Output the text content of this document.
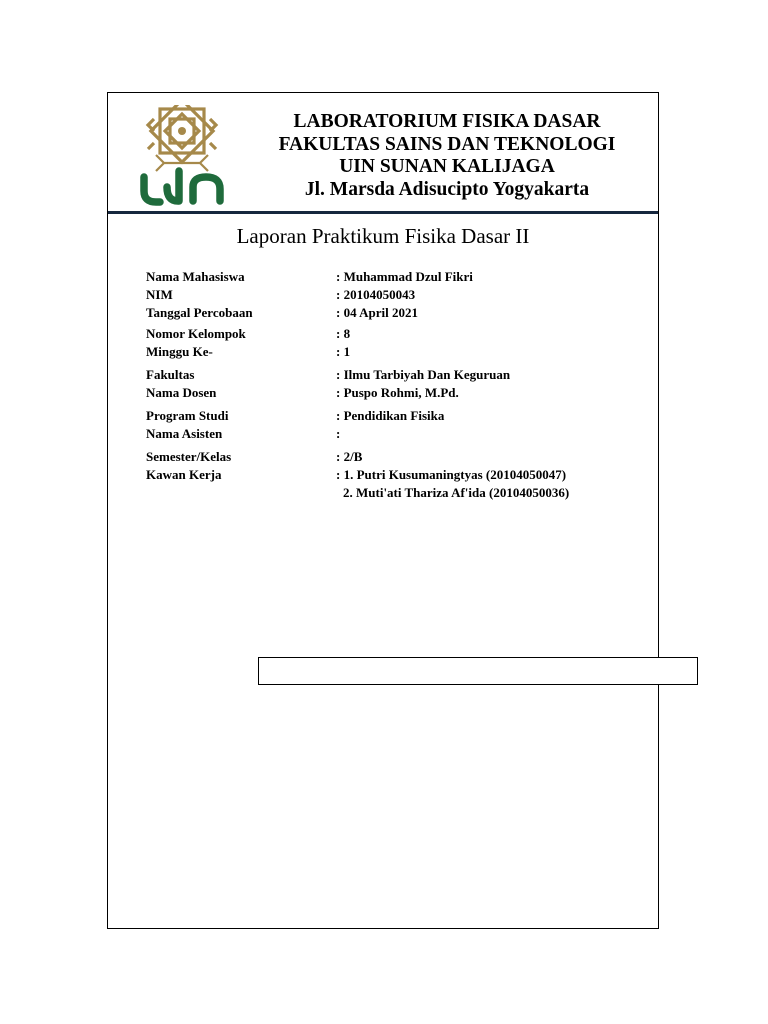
LABORATORIUM FISIKA DASAR
FAKULTAS SAINS DAN TEKNOLOGI
UIN SUNAN KALIJAGA
Jl. Marsda Adisucipto Yogyakarta
Laporan Praktikum Fisika Dasar II
Nama Mahasiswa	: Muhammad Dzul Fikri
NIM	: 20104050043
Tanggal Percobaan	: 04 April 2021
Nomor Kelompok	: 8
Minggu Ke-	: 1
Fakultas	: Ilmu Tarbiyah Dan Keguruan
Nama Dosen	: Puspo Rohmi, M.Pd.
Program Studi	: Pendidikan Fisika
Nama Asisten	:
Semester/Kelas	: 2/B
Kawan Kerja	: 1. Putri Kusumaningtyas (20104050047)
2. Muti'ati Thariza Af'ida (20104050036)
